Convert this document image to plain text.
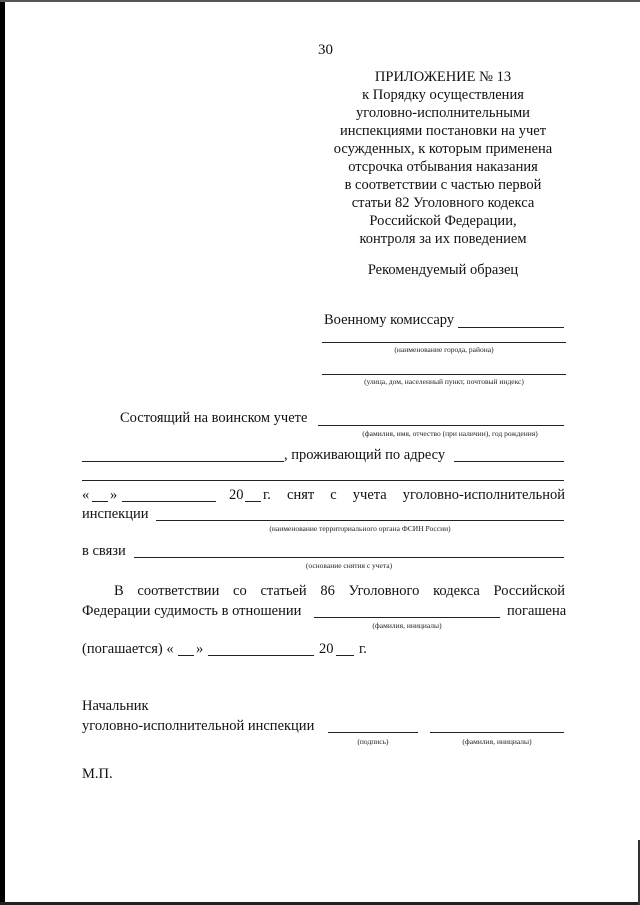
30
ПРИЛОЖЕНИЕ № 13
к Порядку осуществления
уголовно-исполнительными
инспекциями постановки на учет
осужденных, к которым применена
отсрочка отбывания наказания
в соответствии с частью первой
статьи 82 Уголовного кодекса
Российской Федерации,
контроля за их поведением
Рекомендуемый образец
Военному комиссару
(наименование города, района)
(улица, дом, населенный пункт, почтовый индекс)
Состоящий на воинском учете
(фамилия, имя, отчество (при наличии), год рождения)
, проживающий по адресу
« »	20 г. снят с учета уголовно-исполнительной
инспекции
(наименование территориального органа ФСИН России)
в связи
(основание снятия с учета)
В соответствии со статьей 86 Уголовного кодекса Российской
Федерации судимость в отношении	погашена
(фамилия, инициалы)
(погашается) « »	20 г.
Начальник
уголовно-исполнительной инспекции
(подпись)	(фамилия, инициалы)
М.П.
